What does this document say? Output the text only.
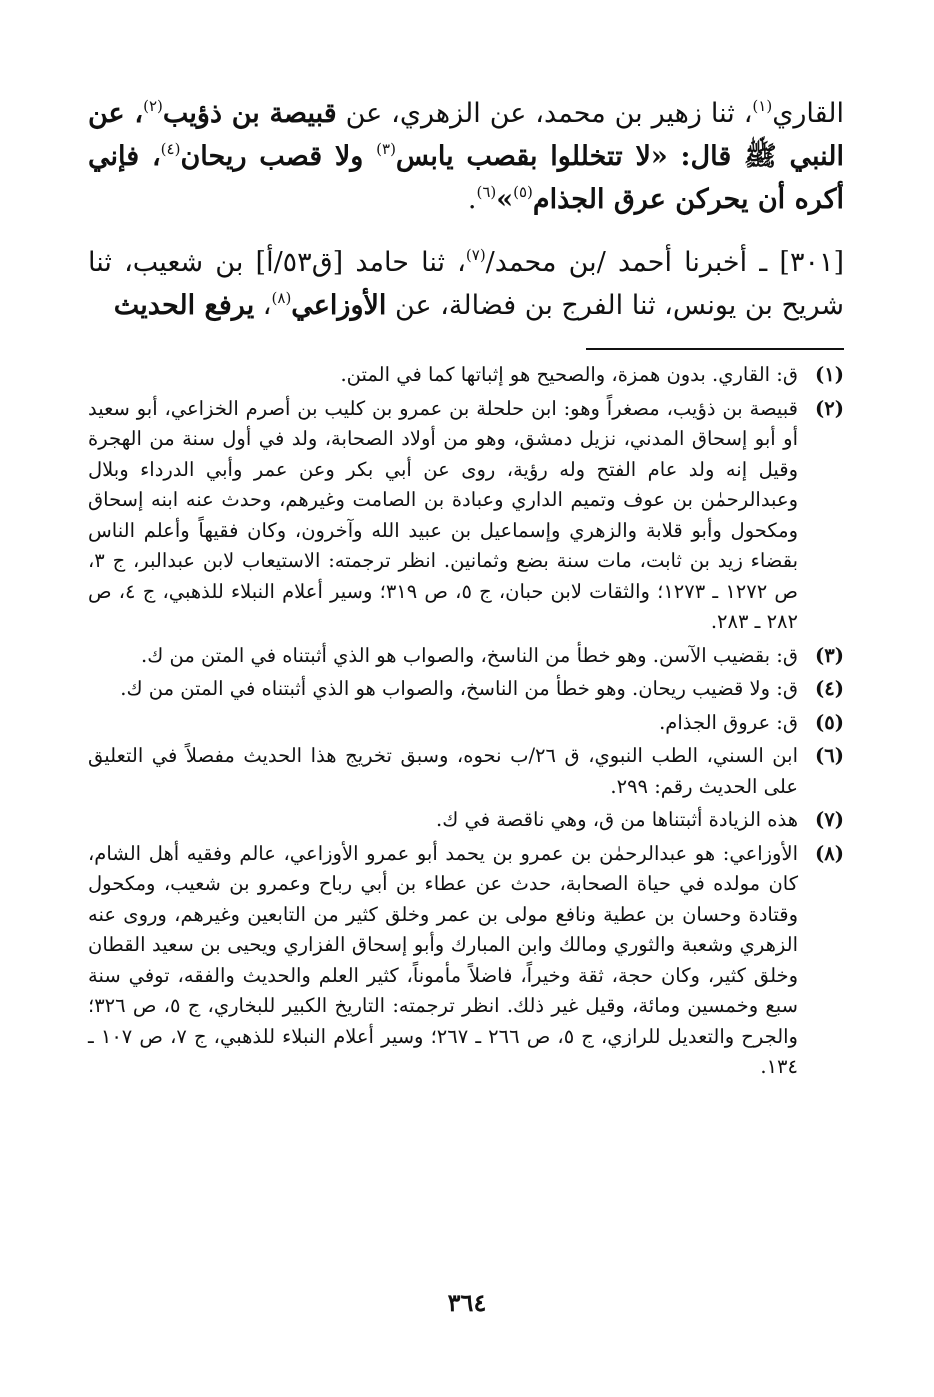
القاري$^{(١)}$، ثنا زهير بن محمد، عن الزهري، عن قبيصة بن ذؤيب$^{(٢)}$، عن النبي ﷺ قال: «لا تتخللوا بقصب يابس$^{(٣)}$ ولا قصب ريحان$^{(٤)}$، فإني أكره أن يحركن عرق الجذام$^{(٥)}$»$^{(٦)}$.

[٣٠١] ـ أخبرنا أحمد /بن محمد/$^{(٧)}$، ثنا حامد [ق٥٣/أ] بن شعيب، ثنا شريح بن يونس، ثنا الفرج بن فضالة، عن الأوزاعي$^{(٨)}$، يرفع الحديث

(١)
ق: القاري. بدون همزة، والصحيح هو إثباتها كما في المتن.
(٢)
قبيصة بن ذؤيب، مصغراً وهو: ابن حلحلة بن عمرو بن كليب بن أصرم الخزاعي، أبو سعيد أو أبو إسحاق المدني، نزيل دمشق، وهو من أولاد الصحابة، ولد في أول سنة من الهجرة وقيل إنه ولد عام الفتح وله رؤية، روى عن أبي بكر وعن عمر وأبي الدرداء وبلال وعبدالرحمٰن بن عوف وتميم الداري وعبادة بن الصامت وغيرهم، وحدث عنه ابنه إسحاق ومكحول وأبو قلابة والزهري وإسماعيل بن عبيد الله وآخرون، وكان فقيهاً وأعلم الناس بقضاء زيد بن ثابت، مات سنة بضع وثمانين. انظر ترجمته: الاستيعاب لابن عبدالبر، ج ٣، ص ١٢٧٢ ـ ١٢٧٣؛ والثقات لابن حبان، ج ٥، ص ٣١٩؛ وسير أعلام النبلاء للذهبي، ج ٤، ص ٢٨٢ ـ ٢٨٣.
(٣)
ق: بقضيب الآسن. وهو خطأ من الناسخ، والصواب هو الذي أثبتناه في المتن من ك.
(٤)
ق: ولا قضيب ريحان. وهو خطأ من الناسخ، والصواب هو الذي أثبتناه في المتن من ك.
(٥)
ق: عروق الجذام.
(٦)
ابن السني، الطب النبوي، ق ٢٦/ب نحوه، وسبق تخريج هذا الحديث مفصلاً في التعليق على الحديث رقم: ٢٩٩.
(٧)
هذه الزيادة أثبتناها من ق، وهي ناقصة في ك.
(٨)
الأوزاعي: هو عبدالرحمٰن بن عمرو بن يحمد أبو عمرو الأوزاعي، عالم وفقيه أهل الشام، كان مولده في حياة الصحابة، حدث عن عطاء بن أبي رباح وعمرو بن شعيب، ومكحول وقتادة وحسان بن عطية ونافع مولى بن عمر وخلق كثير من التابعين وغيرهم، وروى عنه الزهري وشعبة والثوري ومالك وابن المبارك وأبو إسحاق الفزاري ويحيى بن سعيد القطان وخلق كثير، وكان حجة، ثقة وخيراً، فاضلاً مأموناً، كثير العلم والحديث والفقه، توفي سنة سبع وخمسين ومائة، وقيل غير ذلك. انظر ترجمته: التاريخ الكبير للبخاري، ج ٥، ص ٣٢٦؛ والجرح والتعديل للرازي، ج ٥، ص ٢٦٦ ـ ٢٦٧؛ وسير أعلام النبلاء للذهبي، ج ٧، ص ١٠٧ ـ ١٣٤.
٣٦٤
